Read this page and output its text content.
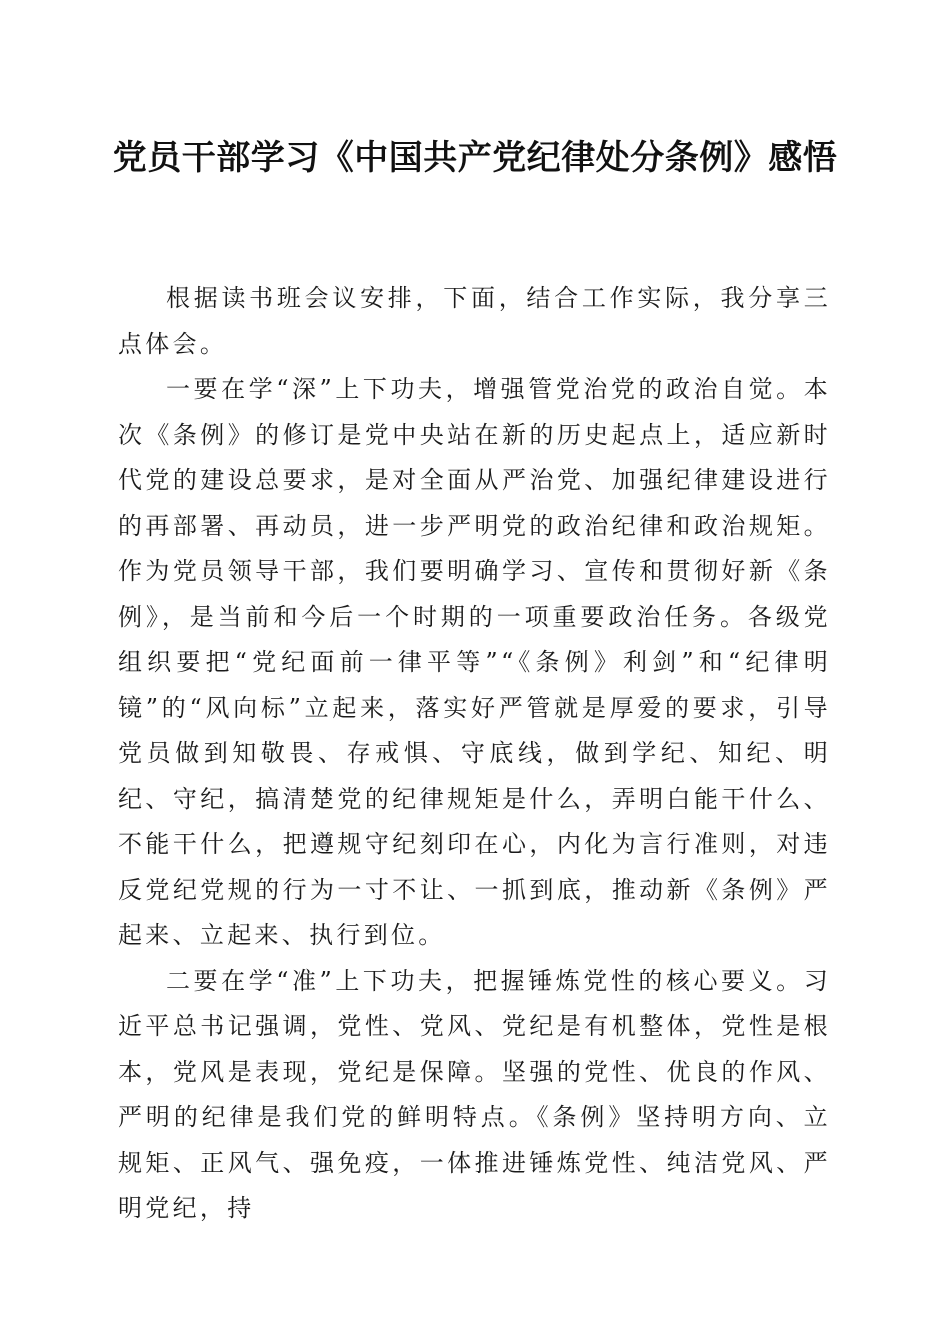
党员干部学习《中国共产党纪律处分条例》感悟

根据读书班会议安排，下面，结合工作实际，我分享三点体会。

一要在学“深”上下功夫，增强管党治党的政治自觉。本次《条例》的修订是党中央站在新的历史起点上，适应新时代党的建设总要求，是对全面从严治党、加强纪律建设进行的再部署、再动员，进一步严明党的政治纪律和政治规矩。作为党员领导干部，我们要明确学习、宣传和贯彻好新《条例》，是当前和今后一个时期的一项重要政治任务。各级党组织要把“党纪面前一律平等”“《条例》利剑”和“纪律明镜”的“风向标”立起来，落实好严管就是厚爱的要求，引导党员做到知敬畏、存戒惧、守底线，做到学纪、知纪、明纪、守纪，搞清楚党的纪律规矩是什么，弄明白能干什么、不能干什么，把遵规守纪刻印在心，内化为言行准则，对违反党纪党规的行为一寸不让、一抓到底，推动新《条例》严起来、立起来、执行到位。

二要在学“准”上下功夫，把握锤炼党性的核心要义。习近平总书记强调，党性、党风、党纪是有机整体，党性是根本，党风是表现，党纪是保障。坚强的党性、优良的作风、严明的纪律是我们党的鲜明特点。《条例》坚持明方向、立规矩、正风气、强免疫，一体推进锤炼党性、纯洁党风、严明党纪，持
